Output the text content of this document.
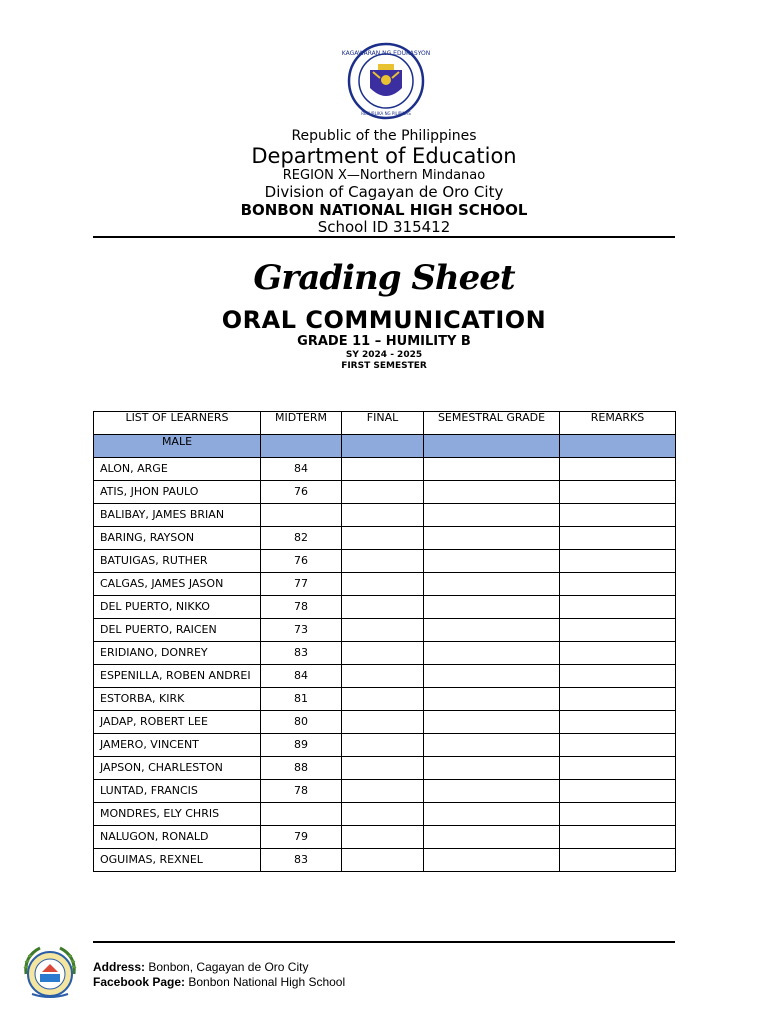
KAGAWARAN NG EDUKASYON
REPUBLIKA NG PILIPINAS
Republic of the Philippines
Department of Education
REGION X—Northern Mindanao
Division of Cagayan de Oro City
BONBON NATIONAL HIGH SCHOOL
School ID 315412
Grading Sheet
ORAL COMMUNICATION
GRADE 11 – HUMILITY B
SY 2024 - 2025
FIRST SEMESTER
LIST OF LEARNERS	MIDTERM	FINAL	SEMESTRAL GRADE	REMARKS
MALE				
ALON, ARGE	84			
ATIS, JHON PAULO	76			
BALIBAY, JAMES BRIAN				
BARING, RAYSON	82			
BATUIGAS, RUTHER	76			
CALGAS, JAMES JASON	77			
DEL PUERTO, NIKKO	78			
DEL PUERTO, RAICEN	73			
ERIDIANO, DONREY	83			
ESPENILLA, ROBEN ANDREI	84			
ESTORBA, KIRK	81			
JADAP, ROBERT LEE	80			
JAMERO, VINCENT	89			
JAPSON, CHARLESTON	88			
LUNTAD, FRANCIS	78			
MONDRES, ELY CHRIS				
NALUGON, RONALD	79			
OGUIMAS, REXNEL	83			
Address: Bonbon, Cagayan de Oro City
Facebook Page: Bonbon National High School
